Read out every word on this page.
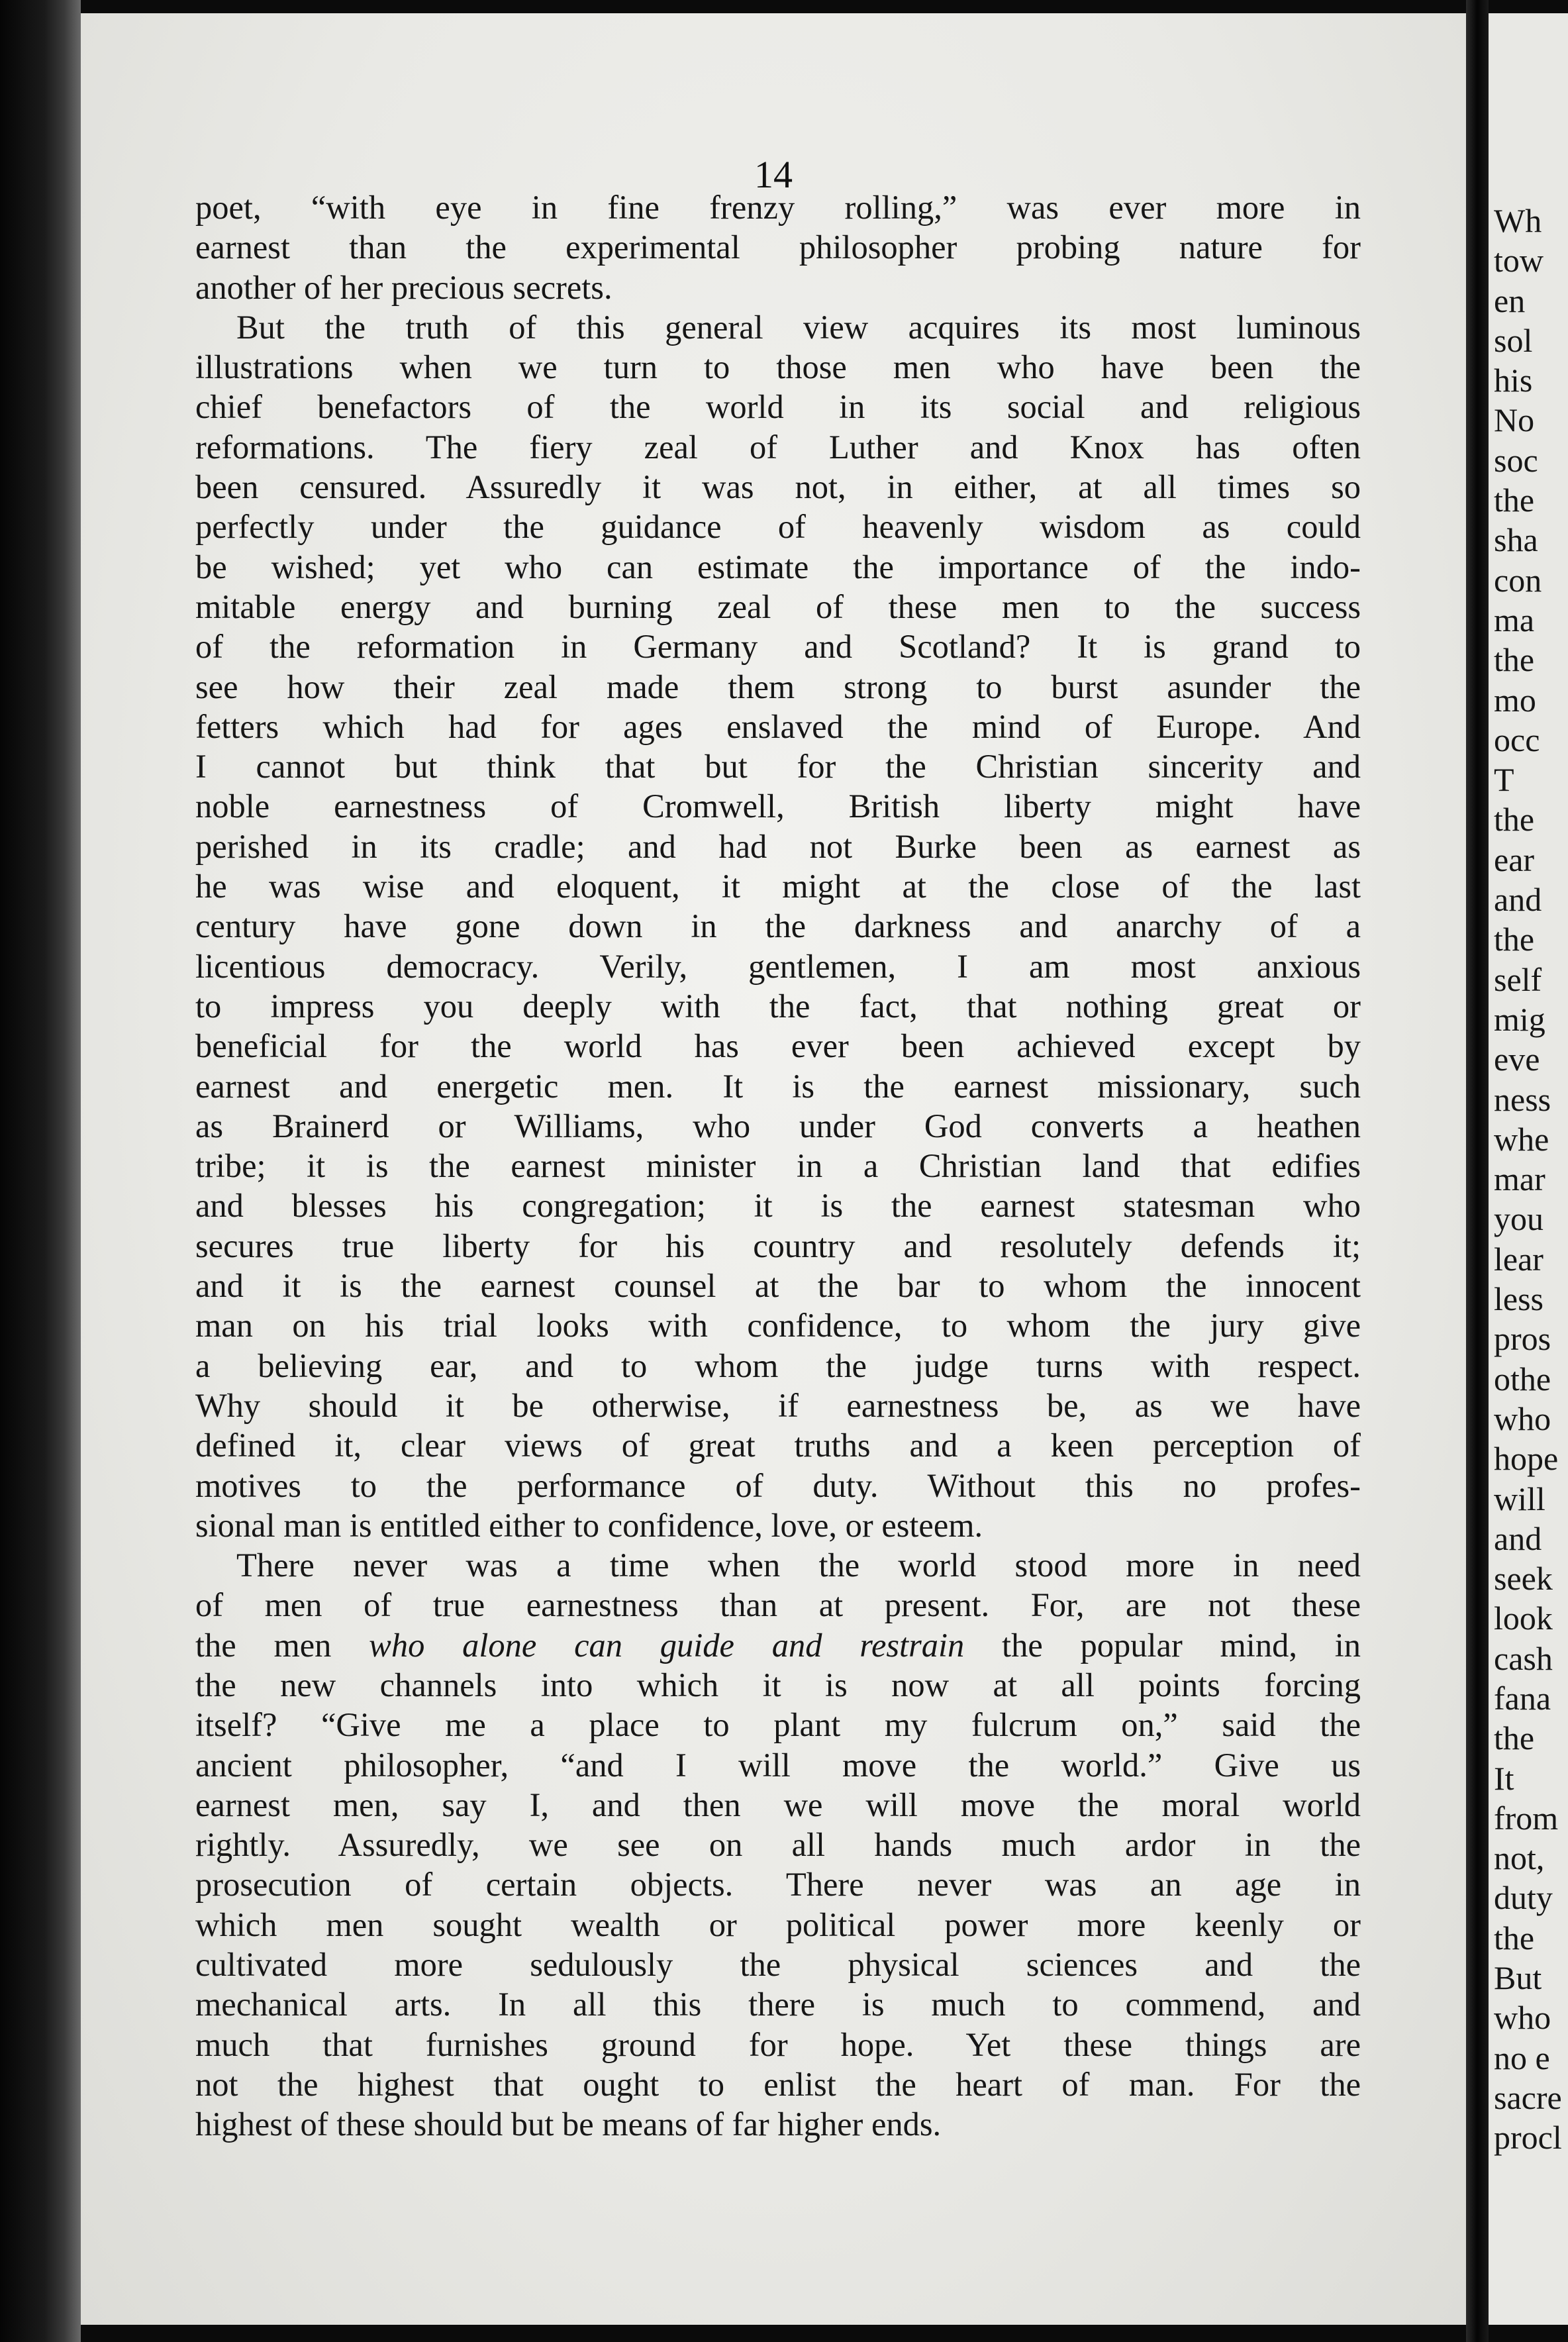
14
poet, “with eye in fine frenzy rolling,” was ever more in
earnest than the experimental philosopher probing nature for
another of her precious secrets.
But the truth of this general view acquires its most luminous
illustrations when we turn to those men who have been the
chief benefactors of the world in its social and religious
reformations. The fiery zeal of Luther and Knox has often
been censured. Assuredly it was not, in either, at all times so
perfectly under the guidance of heavenly wisdom as could
be wished; yet who can estimate the importance of the indo-
mitable energy and burning zeal of these men to the success
of the reformation in Germany and Scotland? It is grand to
see how their zeal made them strong to burst asunder the
fetters which had for ages enslaved the mind of Europe. And
I cannot but think that but for the Christian sincerity and
noble earnestness of Cromwell, British liberty might have
perished in its cradle; and had not Burke been as earnest as
he was wise and eloquent, it might at the close of the last
century have gone down in the darkness and anarchy of a
licentious democracy. Verily, gentlemen, I am most anxious
to impress you deeply with the fact, that nothing great or
beneficial for the world has ever been achieved except by
earnest and energetic men. It is the earnest missionary, such
as Brainerd or Williams, who under God converts a heathen
tribe; it is the earnest minister in a Christian land that edifies
and blesses his congregation; it is the earnest statesman who
secures true liberty for his country and resolutely defends it;
and it is the earnest counsel at the bar to whom the innocent
man on his trial looks with confidence, to whom the jury give
a believing ear, and to whom the judge turns with respect.
Why should it be otherwise, if earnestness be, as we have
defined it, clear views of great truths and a keen perception of
motives to the performance of duty. Without this no profes-
sional man is entitled either to confidence, love, or esteem.
There never was a time when the world stood more in need
of men of true earnestness than at present. For, are not these
the men who alone can guide and restrain the popular mind, in
the new channels into which it is now at all points forcing
itself? “Give me a place to plant my fulcrum on,” said the
ancient philosopher, “and I will move the world.” Give us
earnest men, say I, and then we will move the moral world
rightly. Assuredly, we see on all hands much ardor in the
prosecution of certain objects. There never was an age in
which men sought wealth or political power more keenly or
cultivated more sedulously the physical sciences and the
mechanical arts. In all this there is much to commend, and
much that furnishes ground for hope. Yet these things are
not the highest that ought to enlist the heart of man. For the
highest of these should but be means of far higher ends.
Wh
tow
en
sol
his
No
soc
the
sha
con
ma
the
mo
occ
T
the
ear
and
the
self
mig
eve
ness
whe
mar
you
lear
less
pros
othe
who
hope
will
and
seek
look
cash
fana
the
It
from
not,
duty
the
But
who
no e
sacre
procl
